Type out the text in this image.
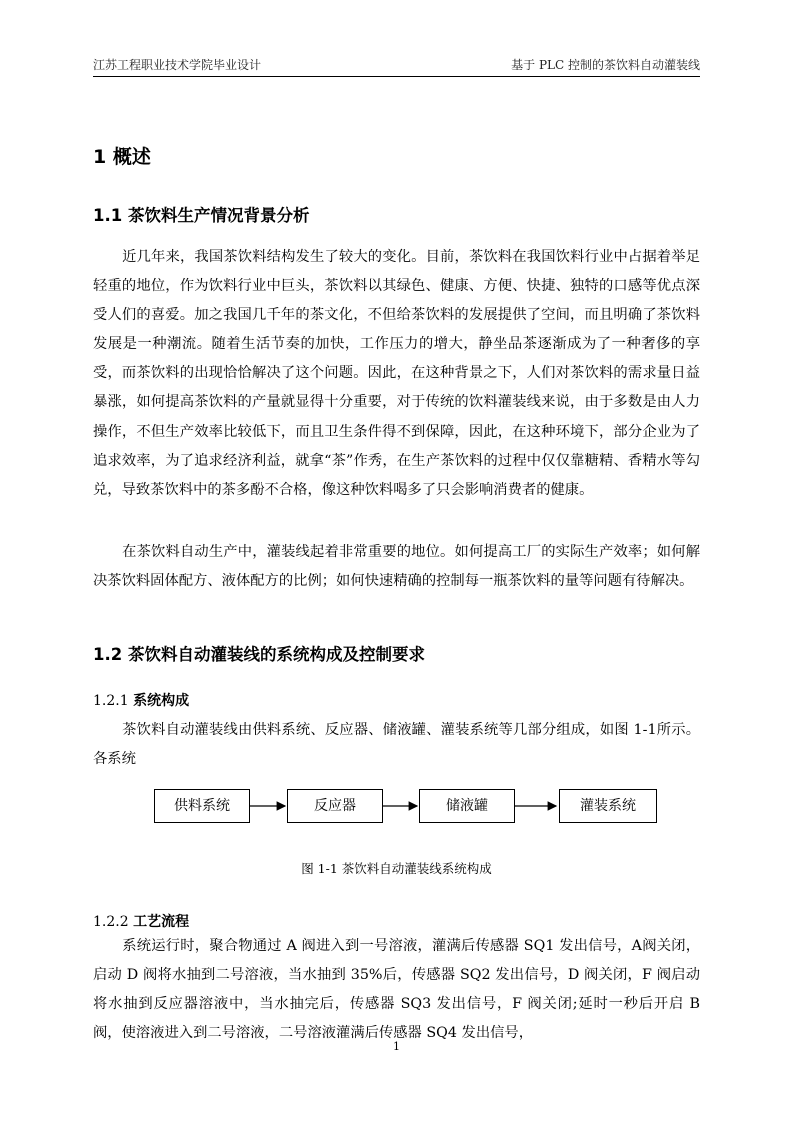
江苏工程职业技术学院毕业设计	基于 PLC 控制的茶饮料自动灌装线
1 概述
1.1 茶饮料生产情况背景分析

近几年来，我国茶饮料结构发生了较大的变化。目前，茶饮料在我国饮料行业中占据着举足轻重的地位，作为饮料行业中巨头，茶饮料以其绿色、健康、方便、快捷、独特的口感等优点深受人们的喜爱。加之我国几千年的茶文化，不但给茶饮料的发展提供了空间，而且明确了茶饮料发展是一种潮流。随着生活节奏的加快，工作压力的增大，静坐品茶逐渐成为了一种奢侈的享受，而茶饮料的出现恰恰解决了这个问题。因此，在这种背景之下，人们对茶饮料的需求量日益暴涨，如何提高茶饮料的产量就显得十分重要，对于传统的饮料灌装线来说，由于多数是由人力操作，不但生产效率比较低下，而且卫生条件得不到保障，因此，在这种环境下，部分企业为了追求效率，为了追求经济利益，就拿“茶”作秀，在生产茶饮料的过程中仅仅靠糖精、香精水等勾兑，导致茶饮料中的茶多酚不合格，像这种饮料喝多了只会影响消费者的健康。

在茶饮料自动生产中，灌装线起着非常重要的地位。如何提高工厂的实际生产效率；如何解决茶饮料固体配方、液体配方的比例；如何快速精确的控制每一瓶茶饮料的量等问题有待解决。

1.2 茶饮料自动灌装线的系统构成及控制要求
1.2.1 系统构成

茶饮料自动灌装线由供料系统、反应器、储液罐、灌装系统等几部分组成，如图 1-1所示。各系统

供料系统	反应器	储液罐	灌装系统
图 1-1 茶饮料自动灌装线系统构成
1.2.2 工艺流程

系统运行时，聚合物通过 A 阀进入到一号溶液，灌满后传感器 SQ1 发出信号，A阀关闭，启动 D 阀将水抽到二号溶液，当水抽到 35%后，传感器 SQ2 发出信号，D 阀关闭，F 阀启动将水抽到反应器溶液中，当水抽完后，传感器 SQ3 发出信号，F 阀关闭;延时一秒后开启 B 阀，使溶液进入到二号溶液，二号溶液灌满后传感器 SQ4 发出信号，

1
